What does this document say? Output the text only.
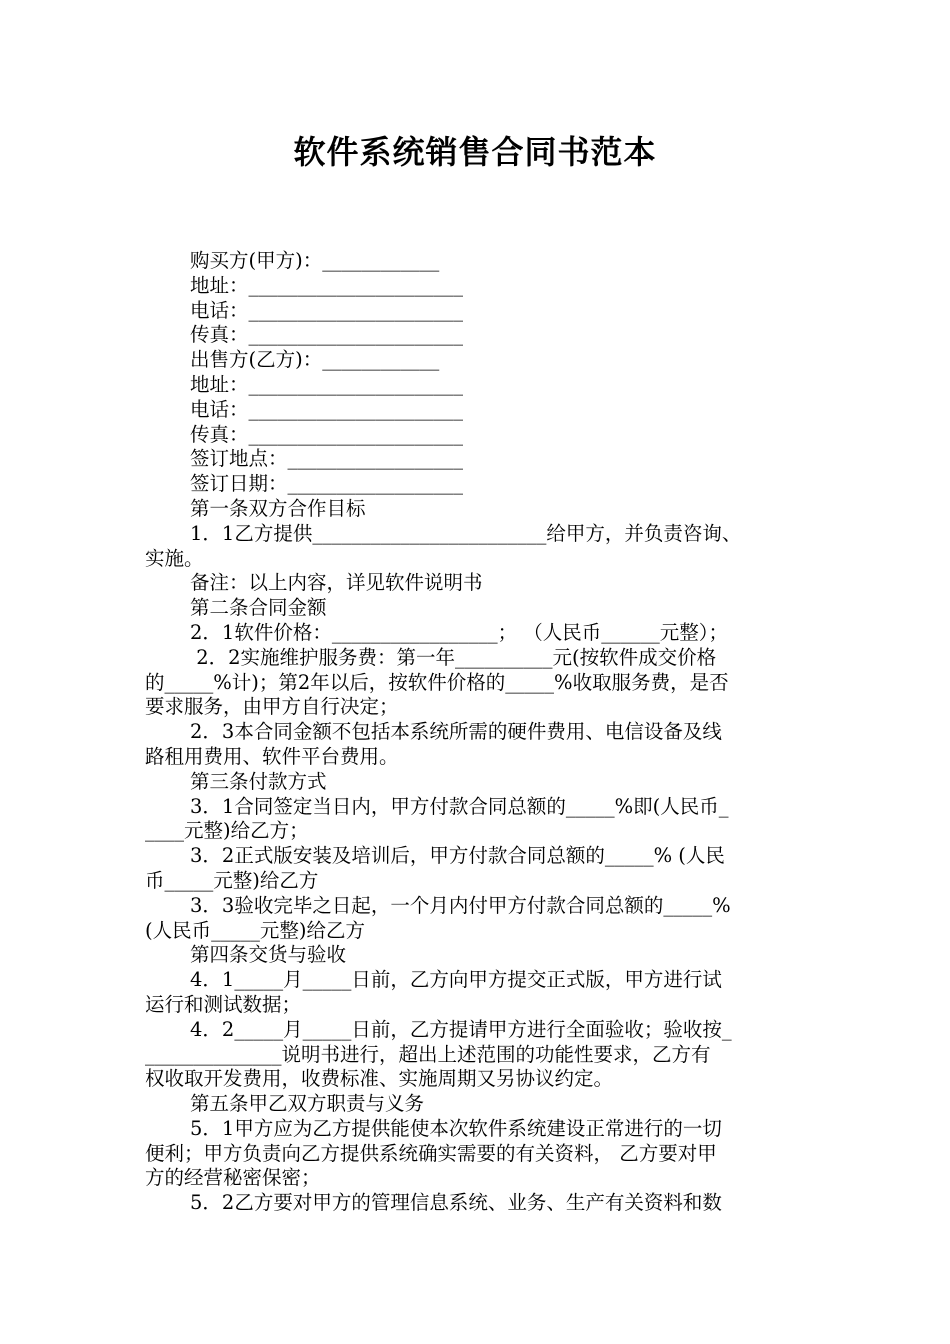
软件系统销售合同书范本
购买方(甲方)：____________
地址：______________________
电话：______________________
传真：______________________
出售方(乙方)：____________
地址：______________________
电话：______________________
传真：______________________
签订地点：__________________
签订日期：__________________
第一条双方合作目标
1．1乙方提供________________________给甲方，并负责咨询、
实施。
备注：以上内容，详见软件说明书
第二条合同金额
2．1软件价格：_________________； （人民币______元整）；
2．2实施维护服务费：第一年__________元(按软件成交价格
的_____%计)；第2年以后，按软件价格的_____%收取服务费，是否
要求服务，由甲方自行决定；
2．3本合同金额不包括本系统所需的硬件费用、电信设备及线
路租用费用、软件平台费用。
第三条付款方式
3．1合同签定当日内，甲方付款合同总额的_____%即(人民币_
____元整)给乙方；
3．2正式版安装及培训后，甲方付款合同总额的_____% (人民
币_____元整)给乙方
3．3验收完毕之日起，一个月内付甲方付款合同总额的_____%
(人民币_____元整)给乙方
第四条交货与验收
4．1_____月_____日前，乙方向甲方提交正式版，甲方进行试
运行和测试数据；
4．2_____月_____日前，乙方提请甲方进行全面验收；验收按_
______________说明书进行，超出上述范围的功能性要求，乙方有
权收取开发费用，收费标准、实施周期又另协议约定。
第五条甲乙双方职责与义务
5．1甲方应为乙方提供能使本次软件系统建设正常进行的一切
便利；甲方负责向乙方提供系统确实需要的有关资料， 乙方要对甲
方的经营秘密保密；
5．2乙方要对甲方的管理信息系统、业务、生产有关资料和数
